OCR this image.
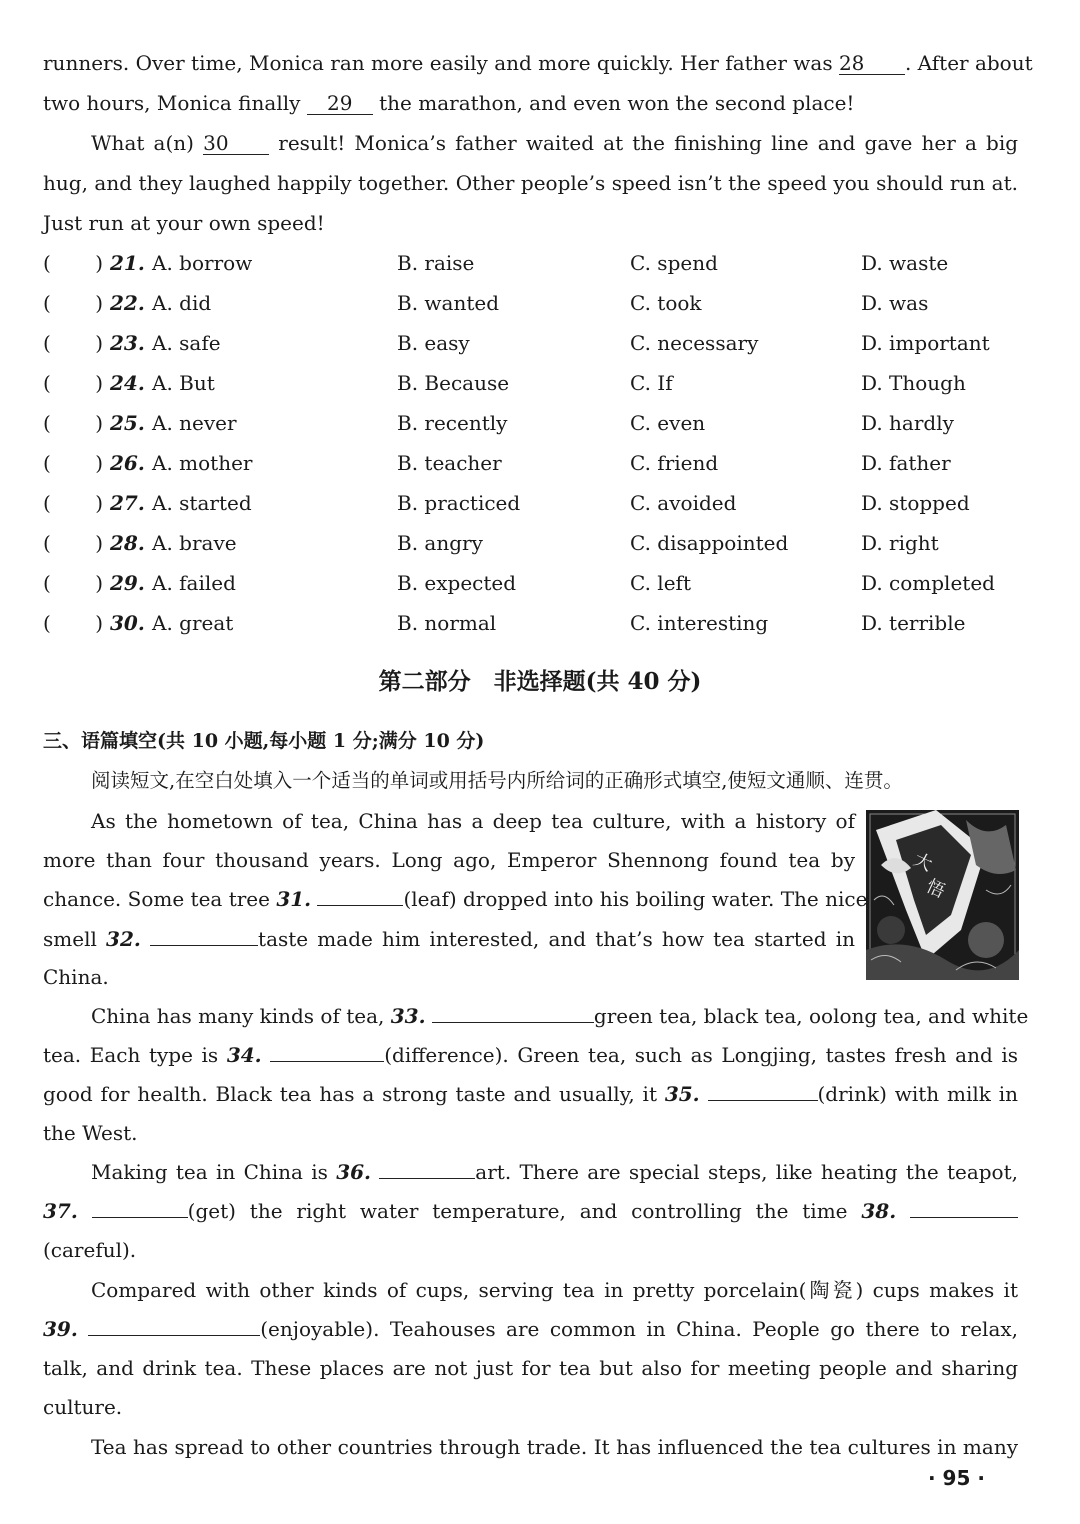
runners. Over time, Monica ran more easily and more quickly. Her father was 28 . After about
two hours, Monica finally 29 the marathon, and even won the second place!
What a(n) 30 result! Monica’s father waited at the finishing line and gave her a big
hug, and they laughed happily together. Other people’s speed isn’t the speed you should run at.
Just run at your own speed!
(       ) 21. A. borrow	B. raise	C. spend	D. waste
(       ) 22. A. did	B. wanted	C. took	D. was
(       ) 23. A. safe	B. easy	C. necessary	D. important
(       ) 24. A. But	B. Because	C. If	D. Though
(       ) 25. A. never	B. recently	C. even	D. hardly
(       ) 26. A. mother	B. teacher	C. friend	D. father
(       ) 27. A. started	B. practiced	C. avoided	D. stopped
(       ) 28. A. brave	B. angry	C. disappointed	D. right
(       ) 29. A. failed	B. expected	C. left	D. completed
(       ) 30. A. great	B. normal	C. interesting	D. terrible
第二部分　非选择题(共 40 分)
三、语篇填空(共 10 小题,每小题 1 分;满分 10 分)
阅读短文,在空白处填入一个适当的单词或用括号内所给词的正确形式填空,使短文通顺、连贯。
大
悟
As the hometown of tea, China has a deep tea culture, with a history of
more than four thousand years. Long ago, Emperor Shennong found tea by
chance. Some tea tree 31.	(leaf) dropped into his boiling water. The nice
smell 32.	taste made him interested, and that’s how tea started in
China.
China has many kinds of tea, 33.	green tea, black tea, oolong tea, and white
tea. Each type is 34.	(difference). Green tea, such as Longjing, tastes fresh and is
good for health. Black tea has a strong taste and usually, it 35.	(drink) with milk in
the West.
Making tea in China is 36.	art. There are special steps, like heating the teapot,
37.	(get) the right water temperature, and controlling the time 38.
(careful).
Compared with other kinds of cups, serving tea in pretty porcelain(陶瓷) cups makes it
39.	(enjoyable). Teahouses are common in China. People go there to relax,
talk, and drink tea. These places are not just for tea but also for meeting people and sharing
culture.
Tea has spread to other countries through trade. It has influenced the tea cultures in many
· 95 ·
